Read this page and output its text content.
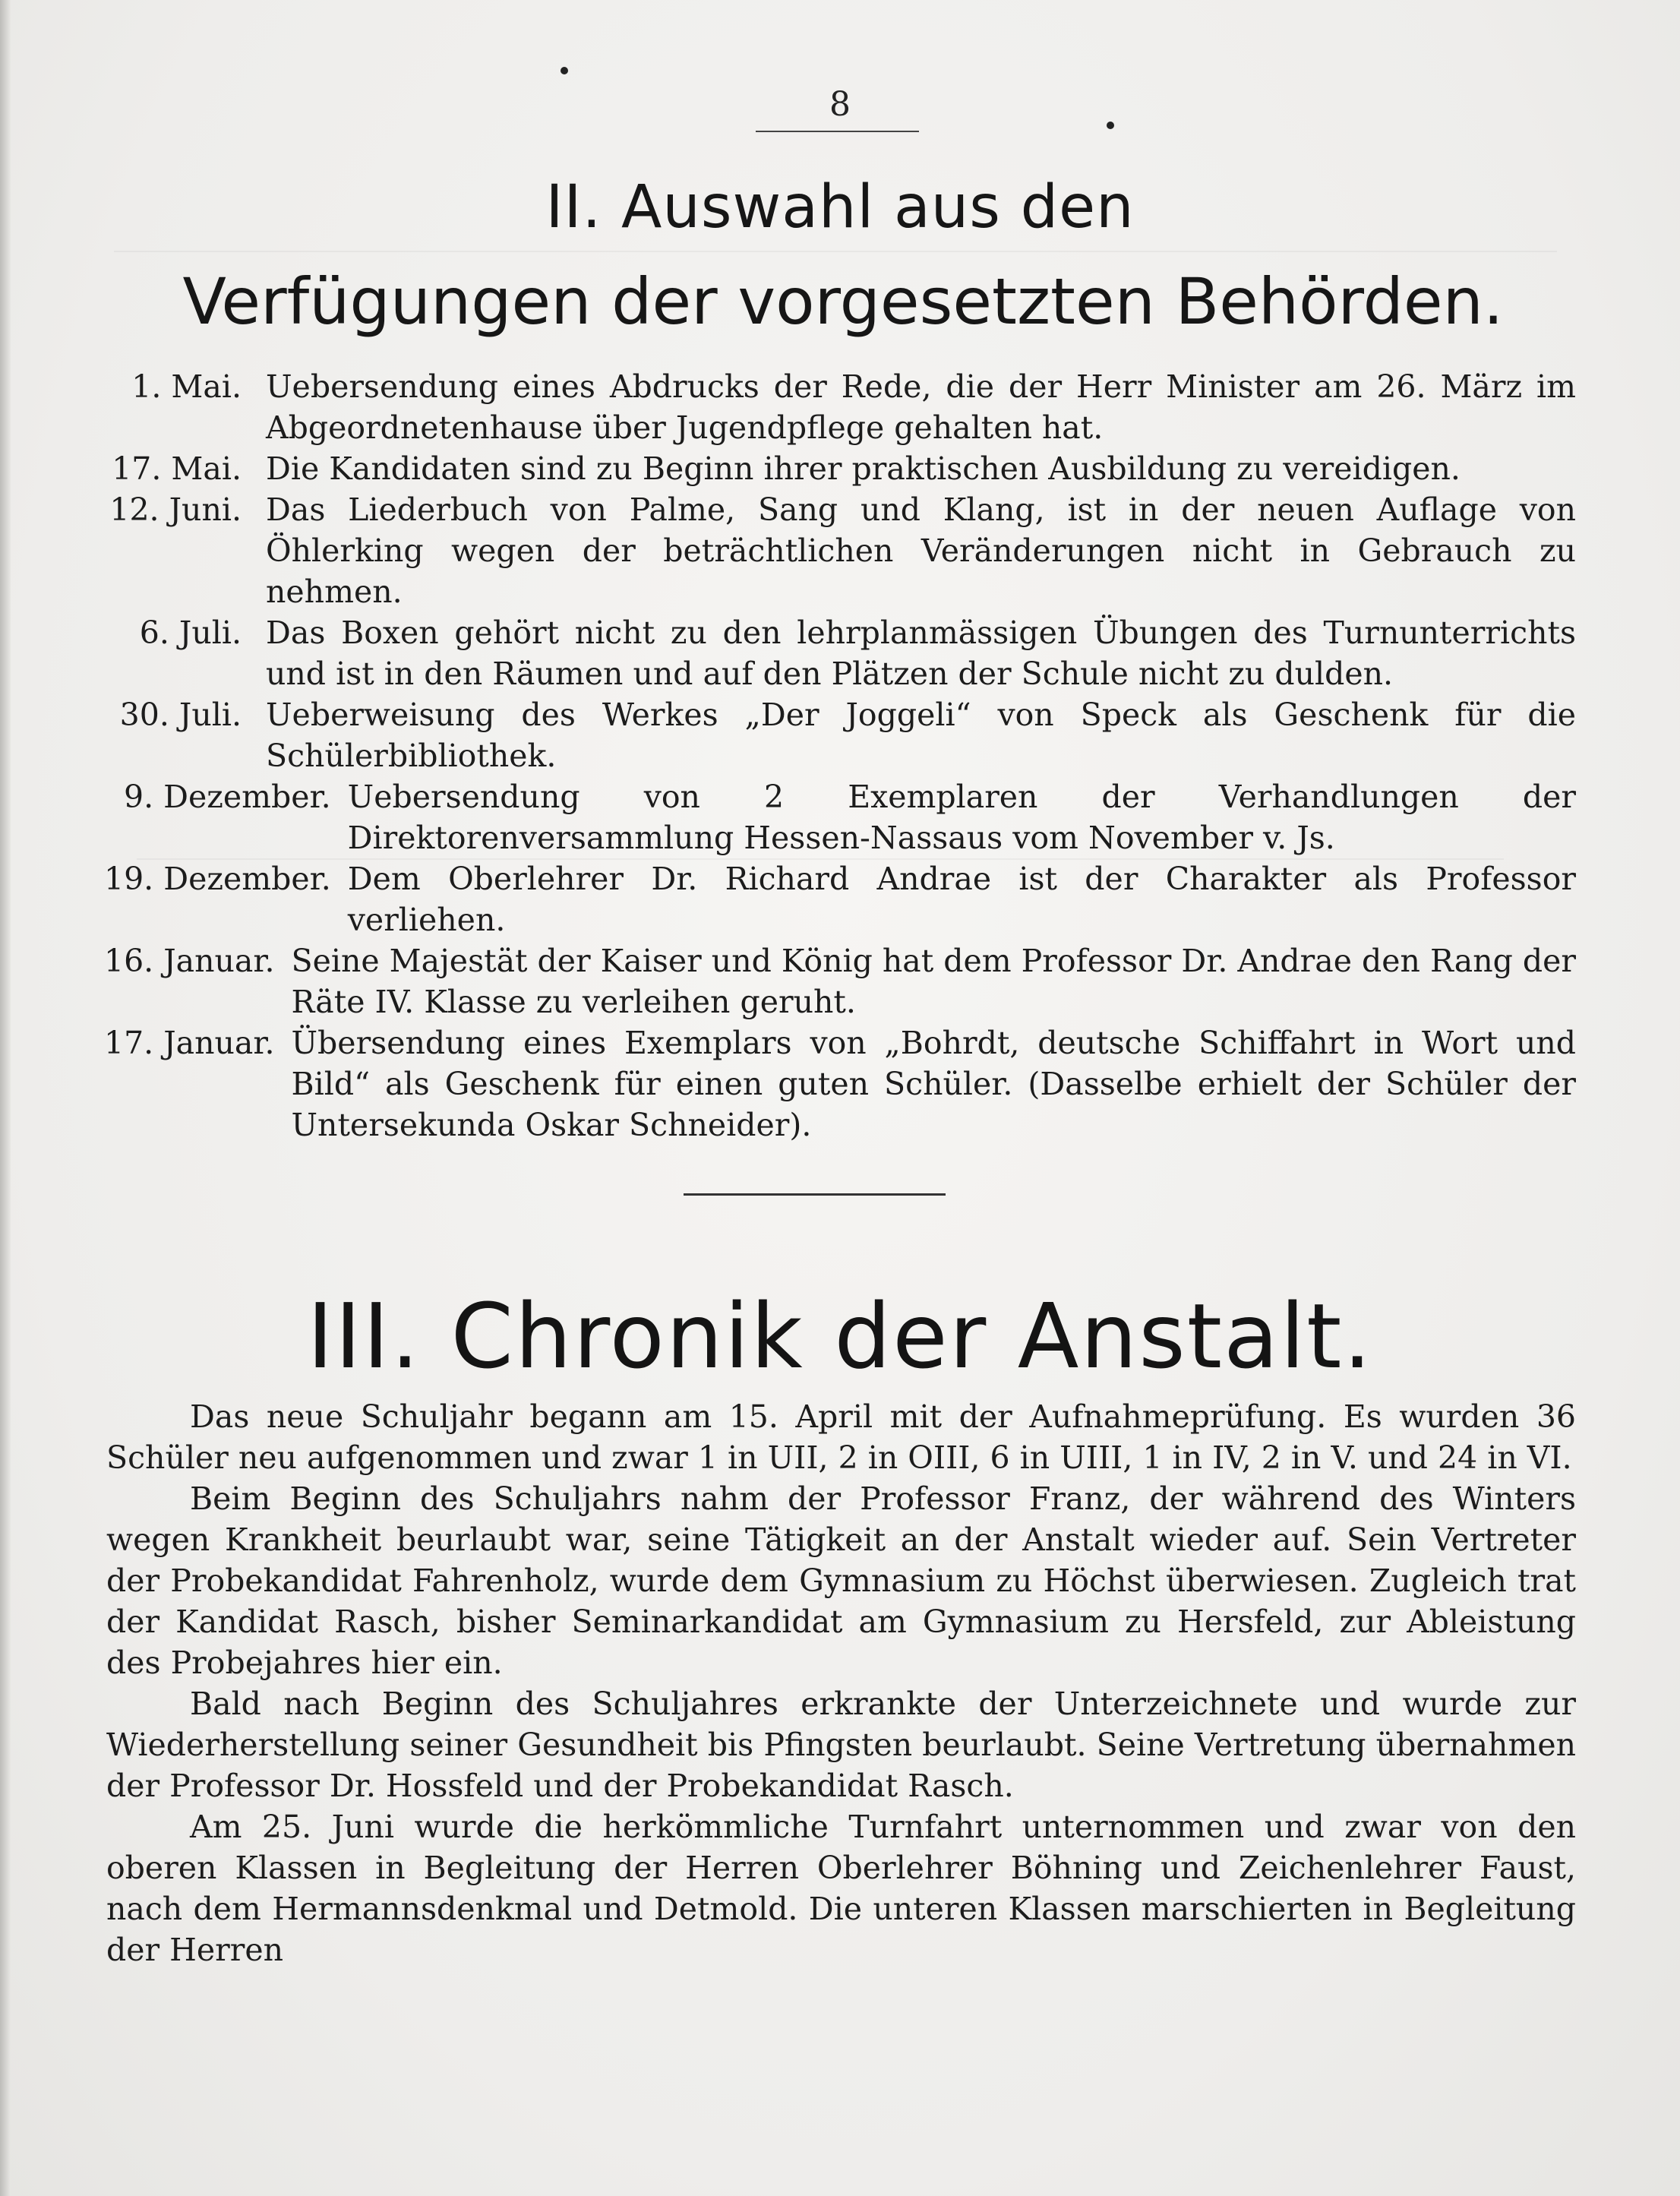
8
II. Auswahl aus den
Verfügungen der vorgesetzten Behörden.
1. Mai. Uebersendung eines Abdrucks der Rede, die der Herr Minister am 26. März im Abgeordnetenhause über Jugendpflege gehalten hat.
17. Mai. Die Kandidaten sind zu Beginn ihrer praktischen Ausbildung zu vereidigen.
12. Juni. Das Liederbuch von Palme, Sang und Klang, ist in der neuen Auflage von Öhlerking wegen der beträchtlichen Veränderungen nicht in Gebrauch zu nehmen.
6. Juli. Das Boxen gehört nicht zu den lehrplanmässigen Übungen des Turnunterrichts und ist in den Räumen und auf den Plätzen der Schule nicht zu dulden.
30. Juli. Ueberweisung des Werkes „Der Joggeli“ von Speck als Geschenk für die Schülerbibliothek.
9. Dezember. Uebersendung von 2 Exemplaren der Verhandlungen der Direktorenversammlung Hessen-Nassaus vom November v. Js.
19. Dezember. Dem Oberlehrer Dr. Richard Andrae ist der Charakter als Professor verliehen.
16. Januar. Seine Majestät der Kaiser und König hat dem Professor Dr. Andrae den Rang der Räte IV. Klasse zu verleihen geruht.
17. Januar. Übersendung eines Exemplars von „Bohrdt, deutsche Schiffahrt in Wort und Bild“ als Geschenk für einen guten Schüler. (Dasselbe erhielt der Schüler der Untersekunda Oskar Schneider).
III. Chronik der Anstalt.

Das neue Schuljahr begann am 15. April mit der Aufnahmeprüfung. Es wurden 36 Schüler neu aufgenommen und zwar 1 in UII, 2 in OIII, 6 in UIII, 1 in IV, 2 in V. und 24 in VI.

Beim Beginn des Schuljahrs nahm der Professor Franz, der während des Winters wegen Krankheit beurlaubt war, seine Tätigkeit an der Anstalt wieder auf. Sein Vertreter der Probekandidat Fahrenholz, wurde dem Gymnasium zu Höchst überwiesen. Zugleich trat der Kandidat Rasch, bisher Seminarkandidat am Gymnasium zu Hersfeld, zur Ableistung des Probejahres hier ein.

Bald nach Beginn des Schuljahres erkrankte der Unterzeichnete und wurde zur Wiederherstellung seiner Gesundheit bis Pfingsten beurlaubt. Seine Vertretung übernahmen der Professor Dr. Hossfeld und der Probekandidat Rasch.

Am 25. Juni wurde die herkömmliche Turnfahrt unternommen und zwar von den oberen Klassen in Begleitung der Herren Oberlehrer Böhning und Zeichenlehrer Faust, nach dem Hermannsdenkmal und Detmold. Die unteren Klassen marschierten in Begleitung der Herren
